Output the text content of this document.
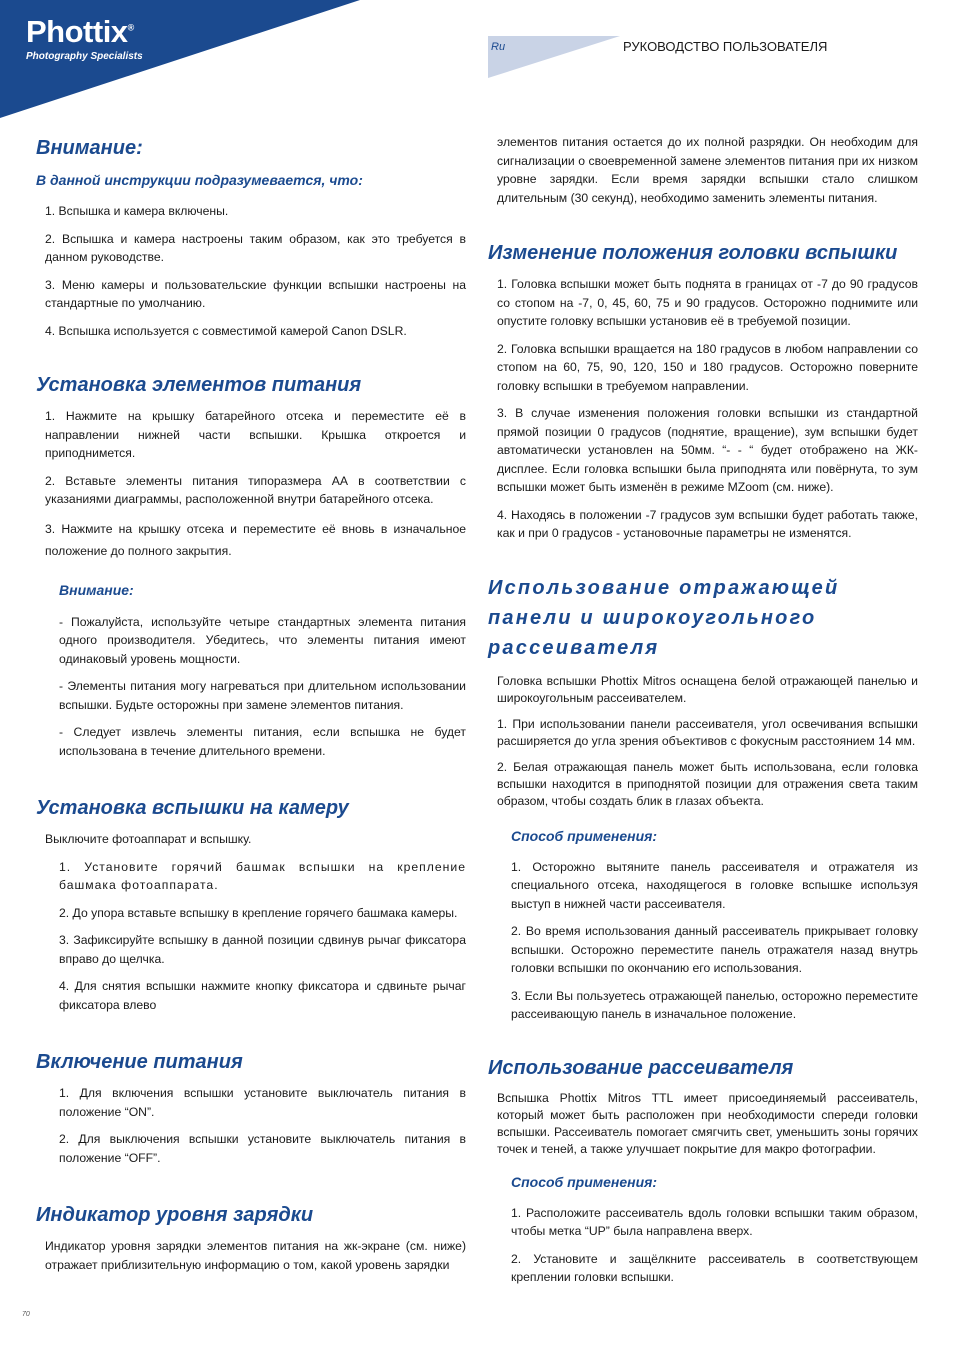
Phottix®
Photography Specialists
Ru	РУКОВОДСТВО ПОЛЬЗОВАТЕЛЯ
Внимание:
В данной инструкции подразумевается, что:

1. Вспышка и камера включены.

2. Вспышка и камера настроены таким образом, как это требуется в данном руководстве.

3. Меню камеры и пользовательские функции вспышки настроены на стандартные по умолчанию.

4. Вспышка используется с совместимой камерой Canon DSLR.

Установка элементов питания

1. Нажмите на крышку батарейного отсека и переместите её в направлении нижней части вспышки. Крышка откроется и приподнимется.

2. Вставьте элементы питания типоразмера АА в соответствии с указаниями диаграммы, расположенной внутри батарейного отсека.

3. Нажмите на крышку отсека и переместите её вновь в изначальное положение до полного закрытия.

Внимание:

- Пожалуйста, используйте четыре стандартных элемента питания одного производителя. Убедитесь, что элементы питания имеют одинаковый уровень мощности.

- Элементы питания могу нагреваться при длительном использовании вспышки. Будьте осторожны при замене элементов питания.

- Следует извлечь элементы питания, если вспышка не будет использована в течение длительного времени.

Установка вспышки на камеру

Выключите фотоаппарат и вспышку.

1. Установите горячий башмак вспышки на крепление башмака фотоаппарата.

2. До упора вставьте вспышку в крепление горячего башмака камеры.

3. Зафиксируйте вспышку в данной позиции сдвинув рычаг фиксатора вправо до щелчка.

4. Для снятия вспышки нажмите кнопку фиксатора и сдвиньте рычаг фиксатора влево

Включение питания

1. Для включения вспышки установите выключатель питания в положение “ON”.

2. Для выключения вспышки установите выключатель питания в положение “OFF”.

Индикатор уровня зарядки

Индикатор уровня зарядки элементов питания на жк-экране (см. ниже) отражает приблизительную информацию о том, какой уровень зарядки

элементов питания остается до их полной разрядки. Он необходим для сигнализации о своевременной замене элементов питания при их низком уровне зарядки. Если время зарядки вспышки стало слишком длительным (30 секунд), необходимо заменить элементы питания.

Изменение положения головки вспышки

1. Головка вспышки может быть поднята в границах от -7 до 90 градусов со стопом на -7, 0, 45, 60, 75 и 90 градусов. Осторожно поднимите или опустите головку вспышки установив её в требуемой позиции.

2. Головка вспышки вращается на 180 градусов в любом направлении со стопом на 60, 75, 90, 120, 150 и 180 градусов. Осторожно поверните головку вспышки в требуемом направлении.

3. В случае изменения положения головки вспышки из стандартной прямой позиции 0 градусов (поднятие, вращение), зум вспышки будет автоматически установлен на 50мм. “- - “ будет отображено на ЖК-дисплее. Если головка вспышки была приподнята или повёрнута, то зум вспышки может быть изменён в режиме MZoom (см. ниже).

4. Находясь в положении -7 градусов зум вспышки будет работать также, как и при 0 градусов - установочные параметры не изменятся.

Использование отражающей панели и широкоугольного рассеивателя

Головка вспышки Phottix Mitros оснащена белой отражающей панелью и широкоугольным рассеивателем.

1. При использовании панели рассеивателя, угол освечивания вспышки расширяется до угла зрения объективов с фокусным расстоянием 14 мм.

2. Белая отражающая панель может быть использована, если головка вспышки находится в приподнятой позиции для отражения света таким образом, чтобы создать блик в глазах объекта.

Способ применения:

1. Осторожно вытяните панель рассеивателя и отражателя из специального отсека, находящегося в головке вспышке используя выступ в нижней части рассеивателя.

2. Во время использования данный рассеиватель прикрывает головку вспышки. Осторожно переместите панель отражателя назад внутрь головки вспышки по окончанию его использования.

3. Если Вы пользуетесь отражающей панелью, осторожно переместите рассеивающую панель в изначальное положение.

Использование рассеивателя

Вспышка Phottix Mitros TTL имеет присоединяемый рассеиватель, который может быть расположен при необходимости спереди головки вспышки. Рассеиватель помогает смягчить свет, уменьшить зоны горячих точек и теней, а также улучшает покрытие для макро фотографии.

Способ применения:

1. Расположите рассеиватель вдоль головки вспышки таким образом, чтобы метка “UP” была направлена вверх.

2. Установите и защёлкните рассеиватель в соответствующем креплении головки вспышки.

70
